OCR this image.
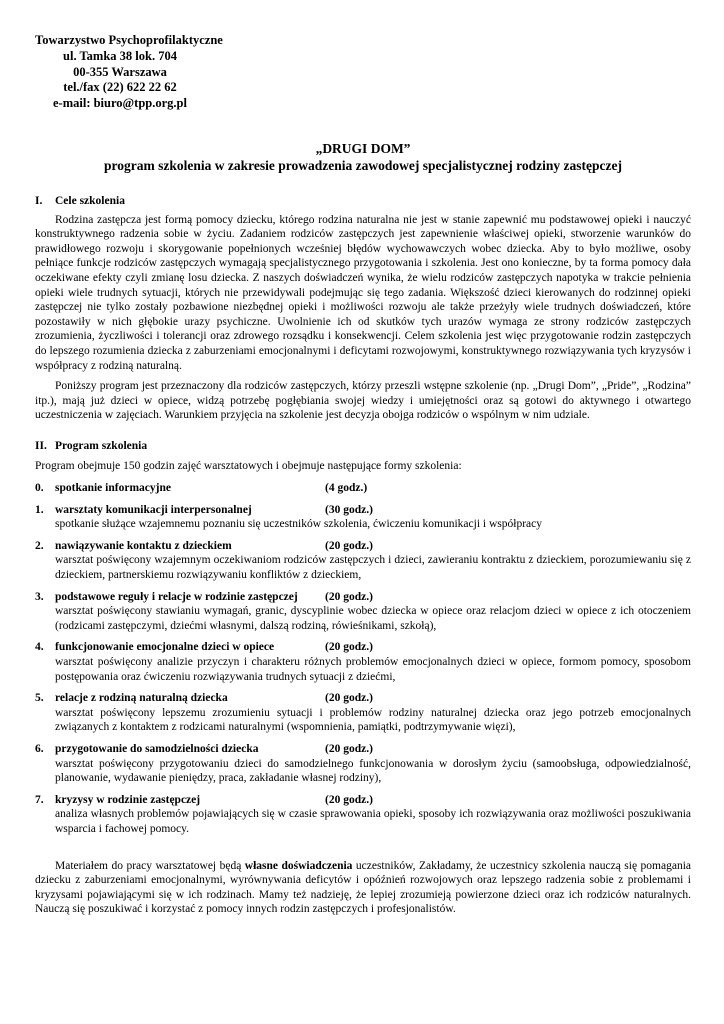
Towarzystwo Psychoprofilaktyczne
ul. Tamka 38 lok. 704
00-355 Warszawa
tel./fax (22) 622 22 62
e-mail: biuro@tpp.org.pl
„DRUGI DOM”
program szkolenia w zakresie prowadzenia zawodowej specjalistycznej rodziny zastępczej
I. Cele szkolenia

Rodzina zastępcza jest formą pomocy dziecku, którego rodzina naturalna nie jest w stanie zapewnić mu podstawowej opieki i nauczyć konstruktywnego radzenia sobie w życiu. Zadaniem rodziców zastępczych jest zapewnienie właściwej opieki, stworzenie warunków do prawidłowego rozwoju i skorygowanie popełnionych wcześniej błędów wychowawczych wobec dziecka. Aby to było możliwe, osoby pełniące funkcje rodziców zastępczych wymagają specjalistycznego przygotowania i szkolenia. Jest ono konieczne, by ta forma pomocy dała oczekiwane efekty czyli zmianę losu dziecka. Z naszych doświadczeń wynika, że wielu rodziców zastępczych napotyka w trakcie pełnienia opieki wiele trudnych sytuacji, których nie przewidywali podejmując się tego zadania. Większość dzieci kierowanych do rodzinnej opieki zastępczej nie tylko zostały pozbawione niezbędnej opieki i możliwości rozwoju ale także przeżyły wiele trudnych doświadczeń, które pozostawiły w nich głębokie urazy psychiczne. Uwolnienie ich od skutków tych urazów wymaga ze strony rodziców zastępczych zrozumienia, życzliwości i tolerancji oraz zdrowego rozsądku i konsekwencji. Celem szkolenia jest więc przygotowanie rodzin zastępczych do lepszego rozumienia dziecka z zaburzeniami emocjonalnymi i deficytami rozwojowymi, konstruktywnego rozwiązywania tych kryzysów i współpracy z rodziną naturalną.

Poniższy program jest przeznaczony dla rodziców zastępczych, którzy przeszli wstępne szkolenie (np. „Drugi Dom”, „Pride”, „Rodzina” itp.), mają już dzieci w opiece, widzą potrzebę pogłębiania swojej wiedzy i umiejętności oraz są gotowi do aktywnego i otwartego uczestniczenia w zajęciach. Warunkiem przyjęcia na szkolenie jest decyzja obojga rodziców o wspólnym w nim udziale.

II. Program szkolenia

Program obejmuje 150 godzin zajęć warsztatowych i obejmuje następujące formy szkolenia:

0. spotkanie informacyjne	(4 godz.)
1. warsztaty komunikacji interpersonalnej	(30 godz.)
spotkanie służące wzajemnemu poznaniu się uczestników szkolenia, ćwiczeniu komunikacji i współpracy
2. nawiązywanie kontaktu z dzieckiem	(20 godz.)
warsztat poświęcony wzajemnym oczekiwaniom rodziców zastępczych i dzieci, zawieraniu kontraktu z dzieckiem, porozumiewaniu się z dzieckiem, partnerskiemu rozwiązywaniu konfliktów z dzieckiem,
3. podstawowe reguły i relacje w rodzinie zastępczej (20 godz.)
warsztat poświęcony stawianiu wymagań, granic, dyscyplinie wobec dziecka w opiece oraz relacjom dzieci w opiece z ich otoczeniem (rodzicami zastępczymi, dziećmi własnymi, dalszą rodziną, rówieśnikami, szkołą),
4. funkcjonowanie emocjonalne dzieci w opiece	(20 godz.)
warsztat poświęcony analizie przyczyn i charakteru różnych problemów emocjonalnych dzieci w opiece, formom pomocy, sposobom postępowania oraz ćwiczeniu rozwiązywania trudnych sytuacji z dziećmi,
5. relacje z rodziną naturalną dziecka	(20 godz.)
warsztat poświęcony lepszemu zrozumieniu sytuacji i problemów rodziny naturalnej dziecka oraz jego potrzeb emocjonalnych związanych z kontaktem z rodzicami naturalnymi (wspomnienia, pamiątki, podtrzymywanie więzi),
6. przygotowanie do samodzielności dziecka	(20 godz.)
warsztat poświęcony przygotowaniu dzieci do samodzielnego funkcjonowania w dorosłym życiu (samoobsługa, odpowiedzialność, planowanie, wydawanie pieniędzy, praca, zakładanie własnej rodziny),
7. kryzysy w rodzinie zastępczej	(20 godz.)
analiza własnych problemów pojawiających się w czasie sprawowania opieki, sposoby ich rozwiązywania oraz możliwości poszukiwania wsparcia i fachowej pomocy.

Materiałem do pracy warsztatowej będą własne doświadczenia uczestników, Zakładamy, że uczestnicy szkolenia nauczą się pomagania dziecku z zaburzeniami emocjonalnymi, wyrównywania deficytów i opóźnień rozwojowych oraz lepszego radzenia sobie z problemami i kryzysami pojawiającymi się w ich rodzinach. Mamy też nadzieję, że lepiej zrozumieją powierzone dzieci oraz ich rodziców naturalnych. Nauczą się poszukiwać i korzystać z pomocy innych rodzin zastępczych i profesjonalistów.
